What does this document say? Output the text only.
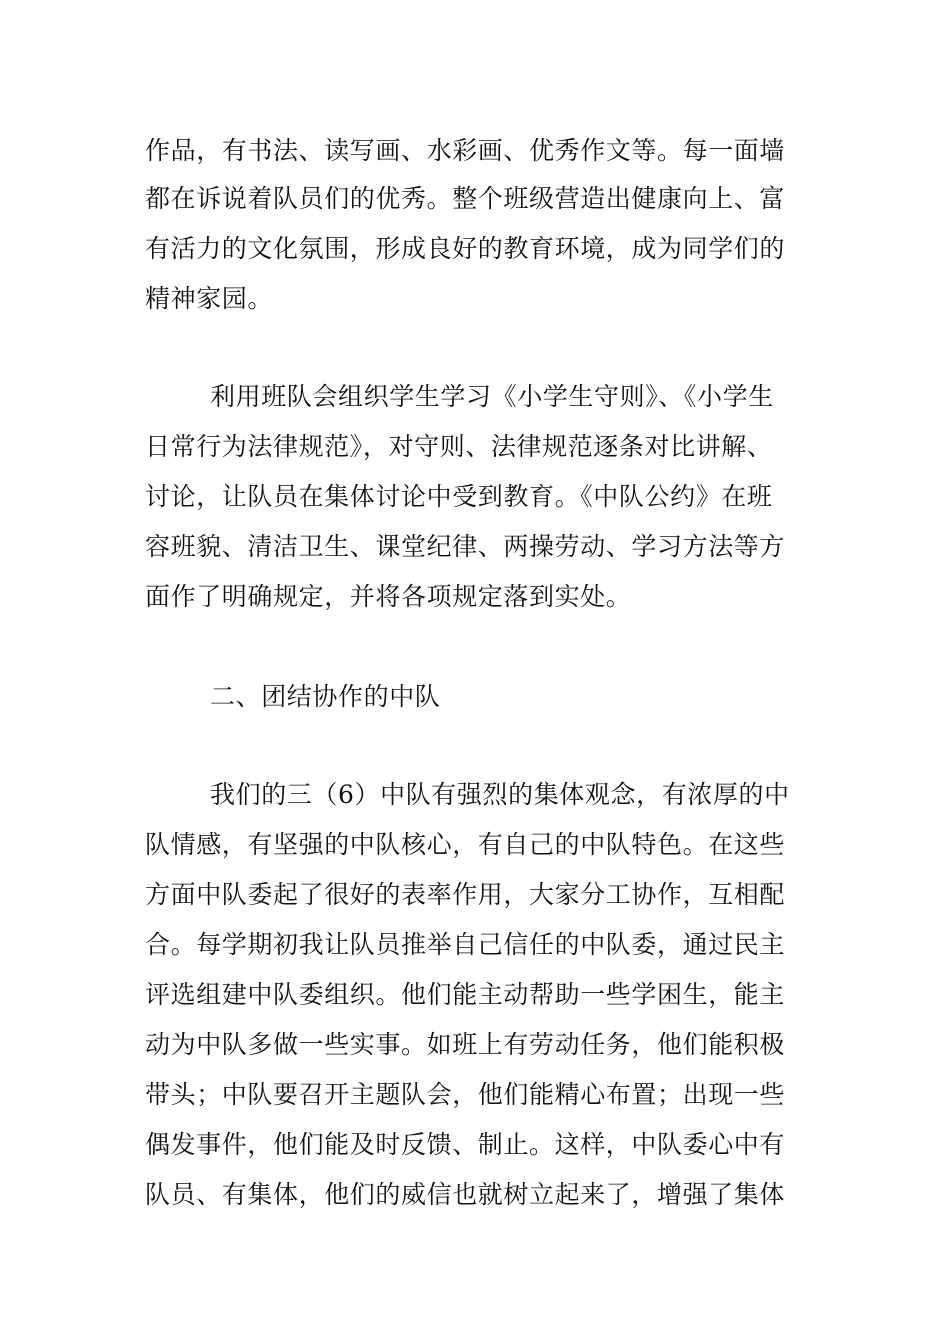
作品，有书法、读写画、水彩画、优秀作文等。每一面墙
都在诉说着队员们的优秀。整个班级营造出健康向上、富
有活力的文化氛围，形成良好的教育环境，成为同学们的
精神家园。
利用班队会组织学生学习《小学生守则》、《小学生
日常行为法律规范》，对守则、法律规范逐条对比讲解、
讨论，让队员在集体讨论中受到教育。《中队公约》在班
容班貌、清洁卫生、课堂纪律、两操劳动、学习方法等方
面作了明确规定，并将各项规定落到实处。
二、团结协作的中队
我们的三（6）中队有强烈的集体观念，有浓厚的中
队情感，有坚强的中队核心，有自己的中队特色。在这些
方面中队委起了很好的表率作用，大家分工协作，互相配
合。每学期初我让队员推举自己信任的中队委，通过民主
评选组建中队委组织。他们能主动帮助一些学困生，能主
动为中队多做一些实事。如班上有劳动任务，他们能积极
带头；中队要召开主题队会，他们能精心布置；出现一些
偶发事件，他们能及时反馈、制止。这样，中队委心中有
队员、有集体，他们的威信也就树立起来了，增强了集体
